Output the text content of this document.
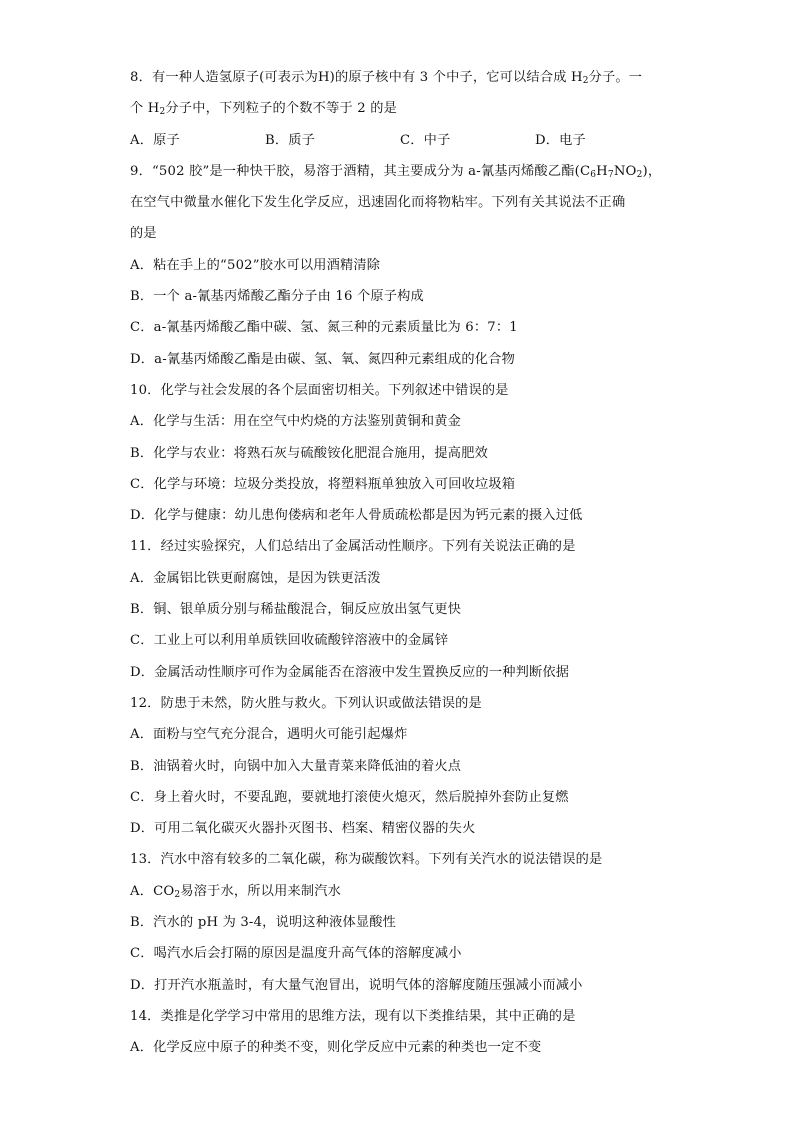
8．有一种人造氢原子(可表示为H)的原子核中有 3 个中子，它可以结合成 $H_2$分子。一
个 $H_2$分子中，下列粒子的个数不等于 2 的是
A．原子	B．质子	C．中子	D．电子
9．“502 胶”是一种快干胶，易溶于酒精，其主要成分为 a-氰基丙烯酸乙酯$(C_6H_7NO_2)$，
在空气中微量水催化下发生化学反应，迅速固化而将物粘牢。下列有关其说法不正确
的是
A．粘在手上的“502”胶水可以用酒精清除
B．一个 a-氰基丙烯酸乙酯分子由 16 个原子构成
C．a-氰基丙烯酸乙酯中碳、氢、氮三种的元素质量比为 6：7：1
D．a-氰基丙烯酸乙酯是由碳、氢、氧、氮四种元素组成的化合物
10．化学与社会发展的各个层面密切相关。下列叙述中错误的是
A．化学与生活：用在空气中灼烧的方法鉴别黄铜和黄金
B．化学与农业：将熟石灰与硫酸铵化肥混合施用，提高肥效
C．化学与环境：垃圾分类投放，将塑料瓶单独放入可回收垃圾箱
D．化学与健康：幼儿患佝偻病和老年人骨质疏松都是因为钙元素的摄入过低
11．经过实验探究，人们总结出了金属活动性顺序。下列有关说法正确的是
A．金属铝比铁更耐腐蚀，是因为铁更活泼
B．铜、银单质分别与稀盐酸混合，铜反应放出氢气更快
C．工业上可以利用单质铁回收硫酸锌溶液中的金属锌
D．金属活动性顺序可作为金属能否在溶液中发生置换反应的一种判断依据
12．防患于未然，防火胜与救火。下列认识或做法错误的是
A．面粉与空气充分混合，遇明火可能引起爆炸
B．油锅着火时，向锅中加入大量青菜来降低油的着火点
C．身上着火时，不要乱跑，要就地打滚使火熄灭，然后脱掉外套防止复燃
D．可用二氧化碳灭火器扑灭图书、档案、精密仪器的失火
13．汽水中溶有较多的二氧化碳，称为碳酸饮料。下列有关汽水的说法错误的是
A．$CO_2$易溶于水，所以用来制汽水
B．汽水的 pH 为 3-4，说明这种液体显酸性
C．喝汽水后会打隔的原因是温度升高气体的溶解度减小
D．打开汽水瓶盖时，有大量气泡冒出，说明气体的溶解度随压强减小而减小
14．类推是化学学习中常用的思维方法，现有以下类推结果，其中正确的是
A．化学反应中原子的种类不变，则化学反应中元素的种类也一定不变
